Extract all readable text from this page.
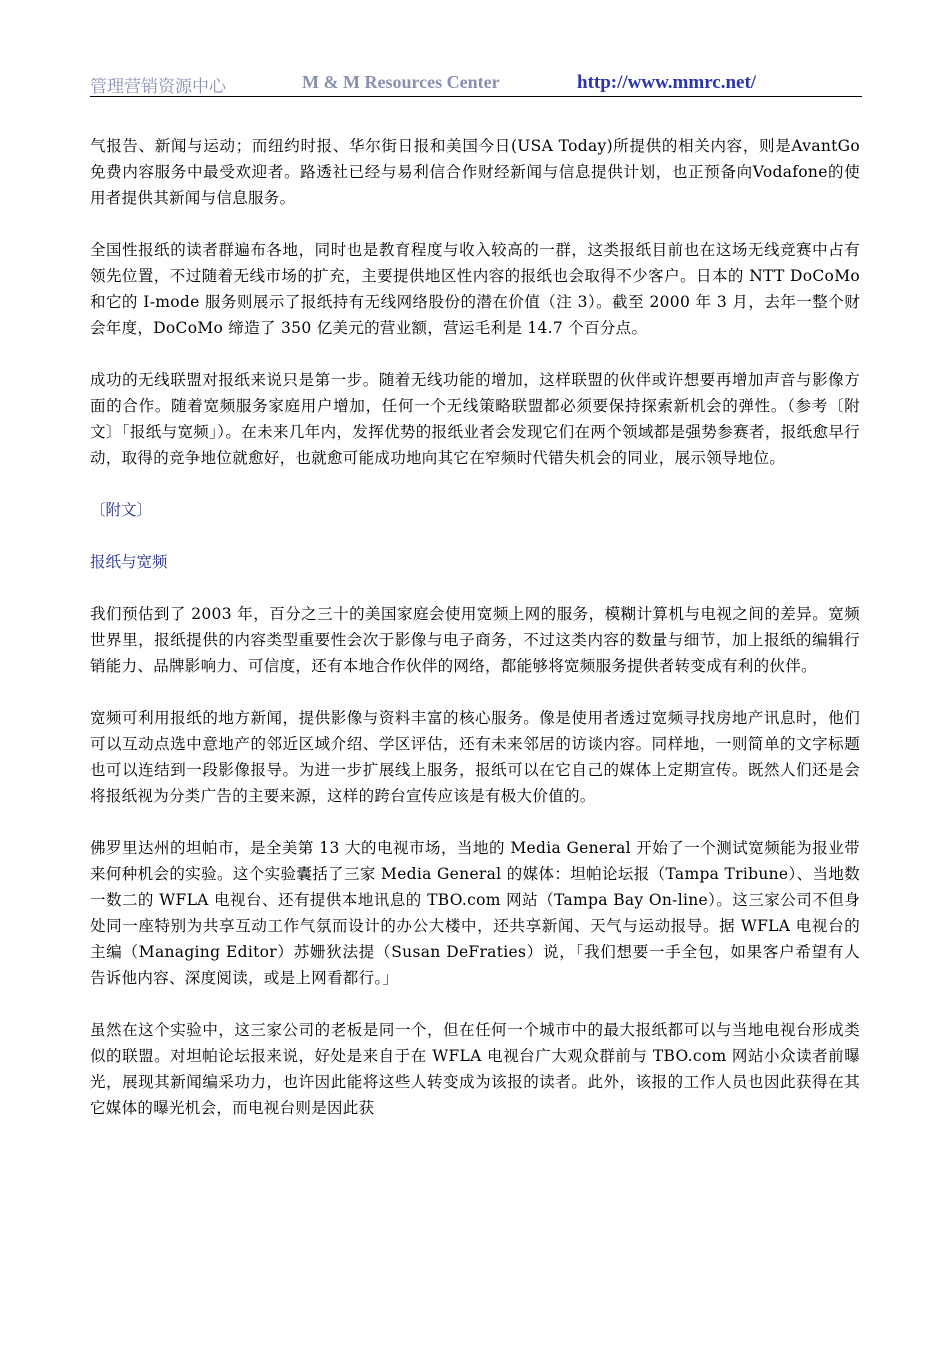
管理营销资源中心	M & M Resources Center	http://www.mmrc.net/

气报告、新闻与运动；而纽约时报、华尔街日报和美国今日(USA Today)所提供的相关内容，则是AvantGo免费内容服务中最受欢迎者。路透社已经与易利信合作财经新闻与信息提供计划，也正预备向Vodafone的使用者提供其新闻与信息服务。

全国性报纸的读者群遍布各地，同时也是教育程度与收入较高的一群，这类报纸目前也在这场无线竞赛中占有领先位置，不过随着无线市场的扩充，主要提供地区性内容的报纸也会取得不少客户。日本的 NTT DoCoMo 和它的 I-mode 服务则展示了报纸持有无线网络股份的潜在价值（注 3）。截至 2000 年 3 月，去年一整个财会年度，DoCoMo 缔造了 350 亿美元的营业额，营运毛利是 14.7 个百分点。

成功的无线联盟对报纸来说只是第一步。随着无线功能的增加，这样联盟的伙伴或许想要再增加声音与影像方面的合作。随着宽频服务家庭用户增加，任何一个无线策略联盟都必须要保持探索新机会的弹性。（参考〔附文〕「报纸与宽频」）。在未来几年内，发挥优势的报纸业者会发现它们在两个领域都是强势参赛者，报纸愈早行动，取得的竞争地位就愈好，也就愈可能成功地向其它在窄频时代错失机会的同业，展示领导地位。

〔附文〕

报纸与宽频

我们预估到了 2003 年，百分之三十的美国家庭会使用宽频上网的服务，模糊计算机与电视之间的差异。宽频世界里，报纸提供的内容类型重要性会次于影像与电子商务，不过这类内容的数量与细节，加上报纸的编辑行销能力、品牌影响力、可信度，还有本地合作伙伴的网络，都能够将宽频服务提供者转变成有利的伙伴。

宽频可利用报纸的地方新闻，提供影像与资料丰富的核心服务。像是使用者透过宽频寻找房地产讯息时，他们可以互动点选中意地产的邻近区域介绍、学区评估，还有未来邻居的访谈内容。同样地，一则简单的文字标题也可以连结到一段影像报导。为进一步扩展线上服务，报纸可以在它自己的媒体上定期宣传。既然人们还是会将报纸视为分类广告的主要来源，这样的跨台宣传应该是有极大价值的。

佛罗里达州的坦帕市，是全美第 13 大的电视市场，当地的 Media General 开始了一个测试宽频能为报业带来何种机会的实验。这个实验囊括了三家 Media General 的媒体：坦帕论坛报（Tampa Tribune）、当地数一数二的 WFLA 电视台、还有提供本地讯息的 TBO.com 网站（Tampa Bay On-line）。这三家公司不但身处同一座特别为共享互动工作气氛而设计的办公大楼中，还共享新闻、天气与运动报导。据 WFLA 电视台的主编（Managing Editor）苏姗狄法提（Susan DeFraties）说，「我们想要一手全包，如果客户希望有人告诉他内容、深度阅读，或是上网看都行。」

虽然在这个实验中，这三家公司的老板是同一个，但在任何一个城市中的最大报纸都可以与当地电视台形成类似的联盟。对坦帕论坛报来说，好处是来自于在 WFLA 电视台广大观众群前与 TBO.com 网站小众读者前曝光，展现其新闻编采功力，也许因此能将这些人转变成为该报的读者。此外，该报的工作人员也因此获得在其它媒体的曝光机会，而电视台则是因此获
